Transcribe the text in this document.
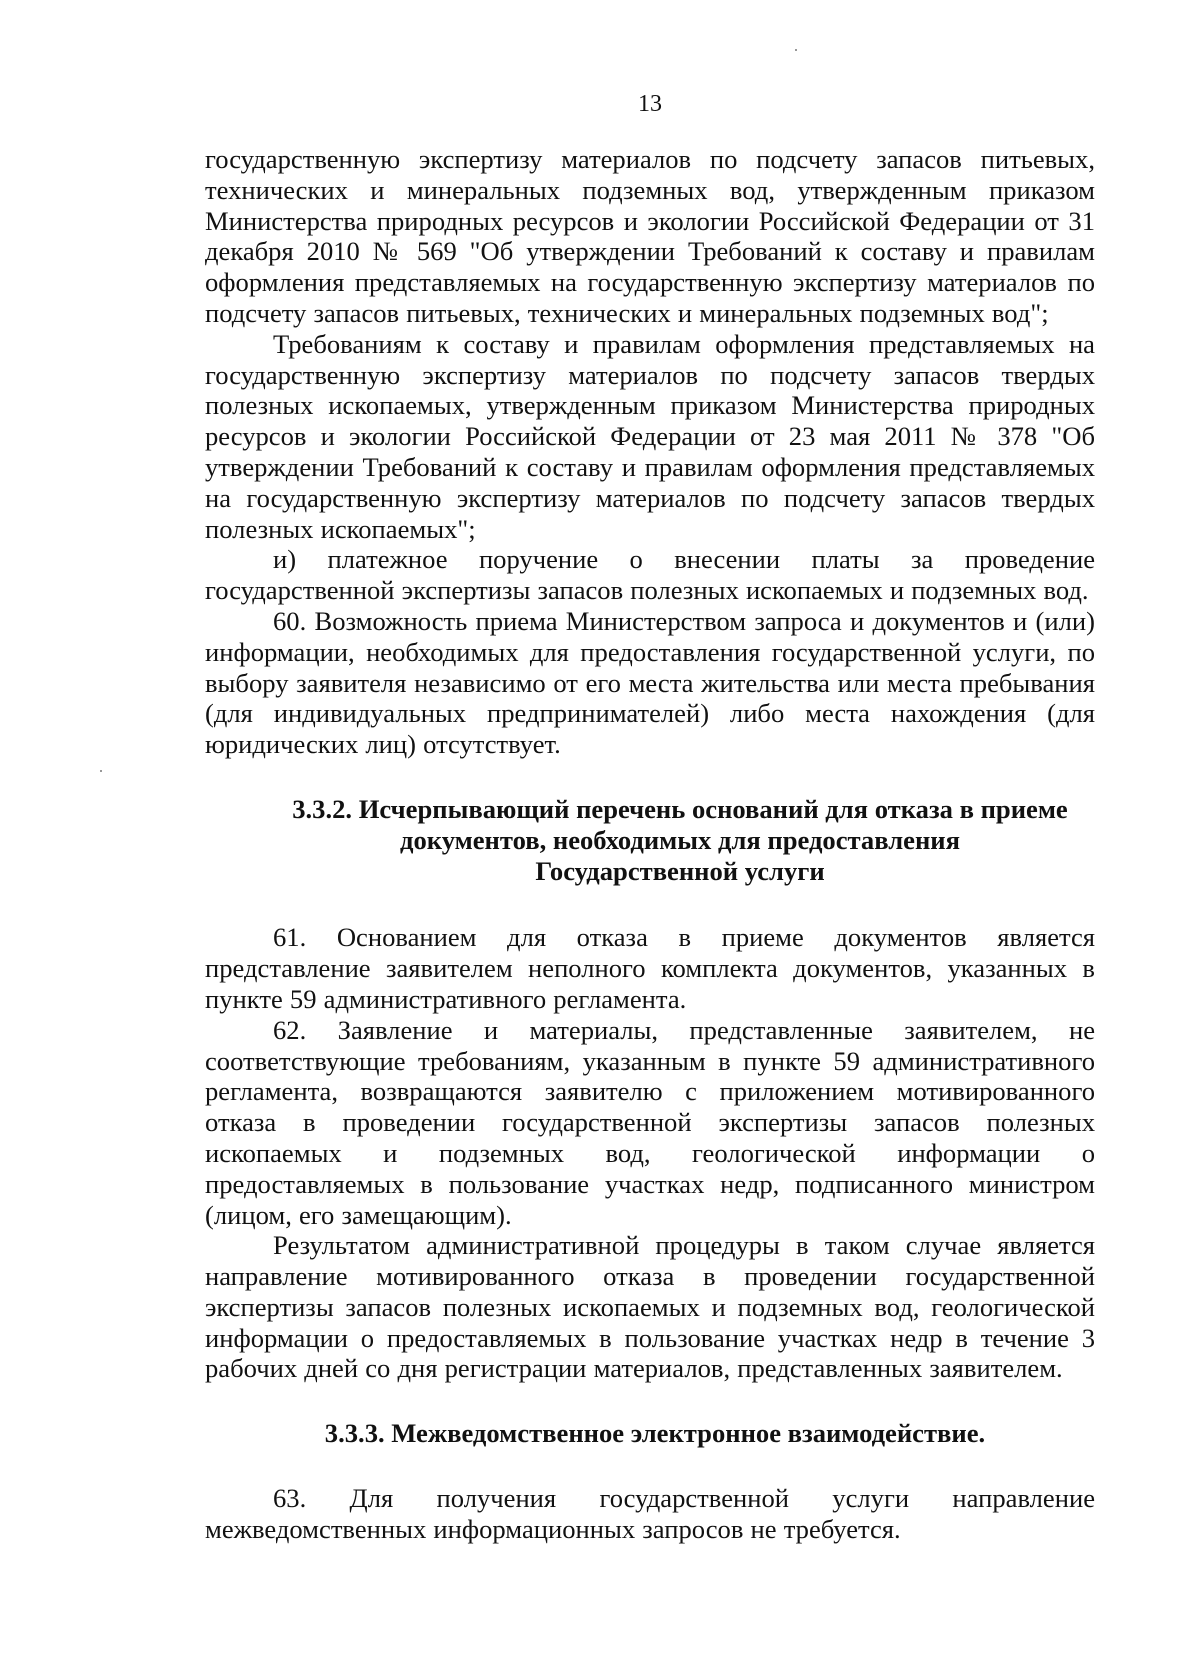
13

государственную экспертизу материалов по подсчету запасов питьевых, технических и минеральных подземных вод, утвержденным приказом Министерства природных ресурсов и экологии Российской Федерации от 31 декабря 2010 № 569 "Об утверждении Требований к составу и правилам оформления представляемых на государственную экспертизу материалов по подсчету запасов питьевых, технических и минеральных подземных вод";

Требованиям к составу и правилам оформления представляемых на государственную экспертизу материалов по подсчету запасов твердых полезных ископаемых, утвержденным приказом Министерства природных ресурсов и экологии Российской Федерации от 23 мая 2011 № 378 "Об утверждении Требований к составу и правилам оформления представляемых на государственную экспертизу материалов по подсчету запасов твердых полезных ископаемых";

и) платежное поручение о внесении платы за проведение государственной экспертизы запасов полезных ископаемых и подземных вод.

60. Возможность приема Министерством запроса и документов и (или) информации, необходимых для предоставления государственной услуги, по выбору заявителя независимо от его места жительства или места пребывания (для индивидуальных предпринимателей) либо места нахождения (для юридических лиц) отсутствует.

3.3.2. Исчерпывающий перечень оснований для отказа в приеме
документов, необходимых для предоставления
Государственной услуги

61. Основанием для отказа в приеме документов является представление заявителем неполного комплекта документов, указанных в пункте 59 административного регламента.

62. Заявление и материалы, представленные заявителем, не соответствующие требованиям, указанным в пункте 59 административного регламента, возвращаются заявителю с приложением мотивированного отказа в проведении государственной экспертизы запасов полезных ископаемых и подземных вод, геологической информации о предоставляемых в пользование участках недр, подписанного министром (лицом, его замещающим).

Результатом административной процедуры в таком случае является направление мотивированного отказа в проведении государственной экспертизы запасов полезных ископаемых и подземных вод, геологической информации о предоставляемых в пользование участках недр в течение 3 рабочих дней со дня регистрации материалов, представленных заявителем.

3.3.3. Межведомственное электронное взаимодействие.

63. Для получения государственной услуги направление межведомственных информационных запросов не требуется.
